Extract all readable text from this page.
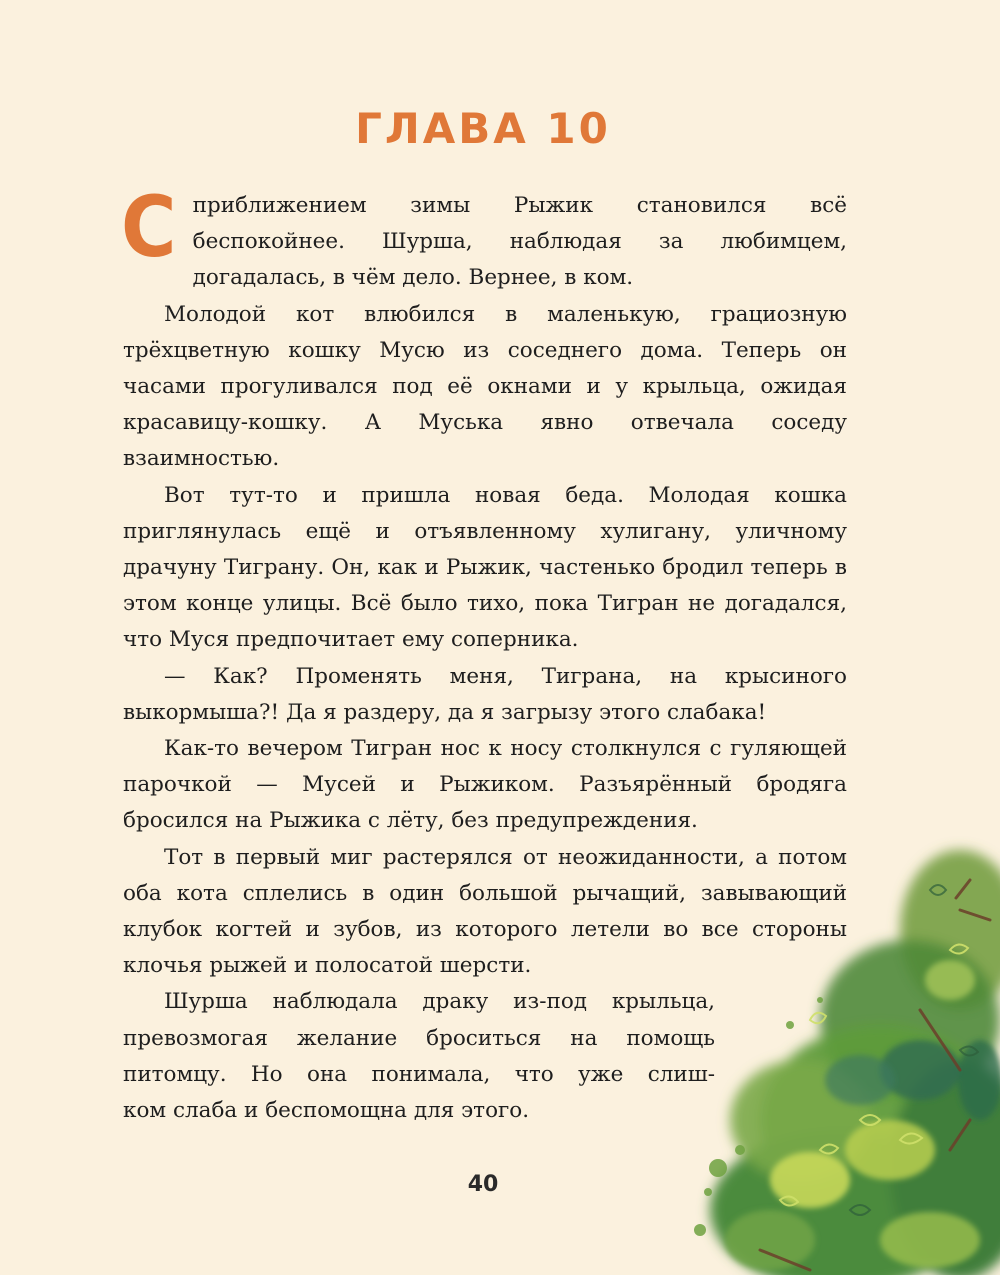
ГЛАВА 10

Сприближением зимы Рыжик становился всё беспокойнее. Шурша, наблюдая за любимцем, догадалась, в чём дело. Вернее, в ком.

Молодой кот влюбился в маленькую, грациозную трёхцветную кошку Мусю из соседнего дома. Теперь он часами прогуливался под её окнами и у крыльца, ожидая красавицу-кошку. А Муська явно отвечала соседу взаимностью.

Вот тут-то и пришла новая беда. Молодая кошка приглянулась ещё и отъявленному хулигану, уличному драчуну Тиграну. Он, как и Рыжик, частенько бродил теперь в этом конце улицы. Всё было тихо, пока Тигран не догадался, что Муся предпочитает ему соперника.

— Как? Променять меня, Тиграна, на крысиного выкормыша?! Да я раздеру, да я загрызу этого слабака!

Как-то вечером Тигран нос к носу столкнулся с гуляющей парочкой — Мусей и Рыжиком. Разъярённый бродяга бросился на Рыжика с лёту, без предупреждения.

Тот в первый миг растерялся от неожиданности, а потом оба кота сплелись в один большой рычащий, завывающий клубок когтей и зубов, из которого летели во все стороны клочья рыжей и полосатой шерсти.

Шурша наблюдала драку из-под крыльца,

превозмогая желание броситься на помощь

питомцу. Но она понимала, что уже слиш-

ком слаба и беспомощна для этого.

40
